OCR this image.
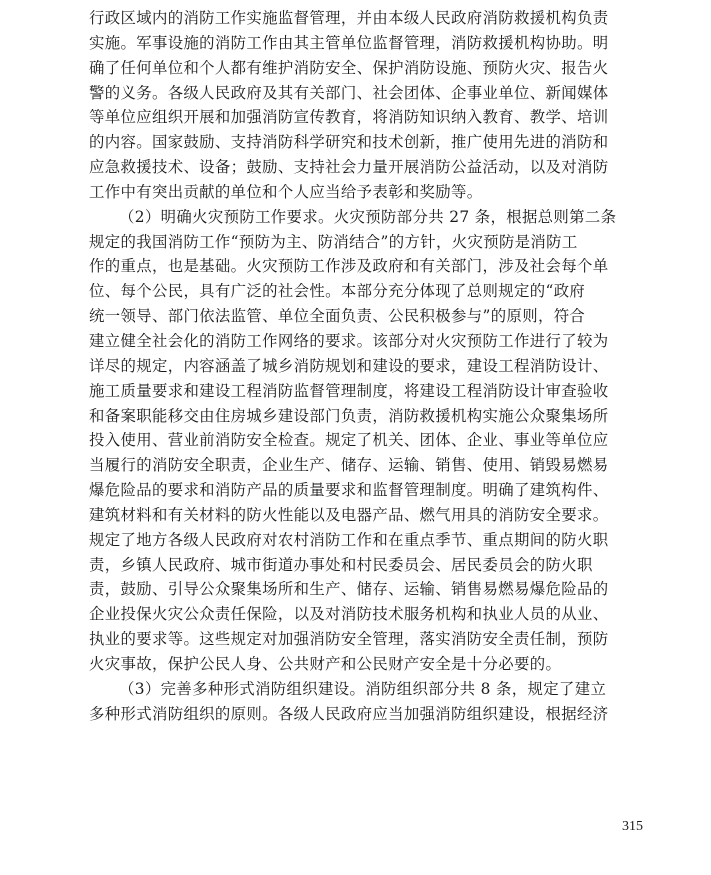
行政区域内的消防工作实施监督管理，并由本级人民政府消防救援机构负责
实施。军事设施的消防工作由其主管单位监督管理，消防救援机构协助。明
确了任何单位和个人都有维护消防安全、保护消防设施、预防火灾、报告火
警的义务。各级人民政府及其有关部门、社会团体、企事业单位、新闻媒体
等单位应组织开展和加强消防宣传教育，将消防知识纳入教育、教学、培训
的内容。国家鼓励、支持消防科学研究和技术创新，推广使用先进的消防和
应急救援技术、设备；鼓励、支持社会力量开展消防公益活动，以及对消防
工作中有突出贡献的单位和个人应当给予表彰和奖励等。
（2）明确火灾预防工作要求。火灾预防部分共 27 条，根据总则第二条
规定的我国消防工作“预防为主、防消结合”的方针，火灾预防是消防工
作的重点，也是基础。火灾预防工作涉及政府和有关部门，涉及社会每个单
位、每个公民，具有广泛的社会性。本部分充分体现了总则规定的“政府
统一领导、部门依法监管、单位全面负责、公民积极参与”的原则，符合
建立健全社会化的消防工作网络的要求。该部分对火灾预防工作进行了较为
详尽的规定，内容涵盖了城乡消防规划和建设的要求，建设工程消防设计、
施工质量要求和建设工程消防监督管理制度，将建设工程消防设计审查验收
和备案职能移交由住房城乡建设部门负责，消防救援机构实施公众聚集场所
投入使用、营业前消防安全检查。规定了机关、团体、企业、事业等单位应
当履行的消防安全职责，企业生产、储存、运输、销售、使用、销毁易燃易
爆危险品的要求和消防产品的质量要求和监督管理制度。明确了建筑构件、
建筑材料和有关材料的防火性能以及电器产品、燃气用具的消防安全要求。
规定了地方各级人民政府对农村消防工作和在重点季节、重点期间的防火职
责，乡镇人民政府、城市街道办事处和村民委员会、居民委员会的防火职
责，鼓励、引导公众聚集场所和生产、储存、运输、销售易燃易爆危险品的
企业投保火灾公众责任保险，以及对消防技术服务机构和执业人员的从业、
执业的要求等。这些规定对加强消防安全管理，落实消防安全责任制，预防
火灾事故，保护公民人身、公共财产和公民财产安全是十分必要的。
（3）完善多种形式消防组织建设。消防组织部分共 8 条，规定了建立
多种形式消防组织的原则。各级人民政府应当加强消防组织建设，根据经济
315
